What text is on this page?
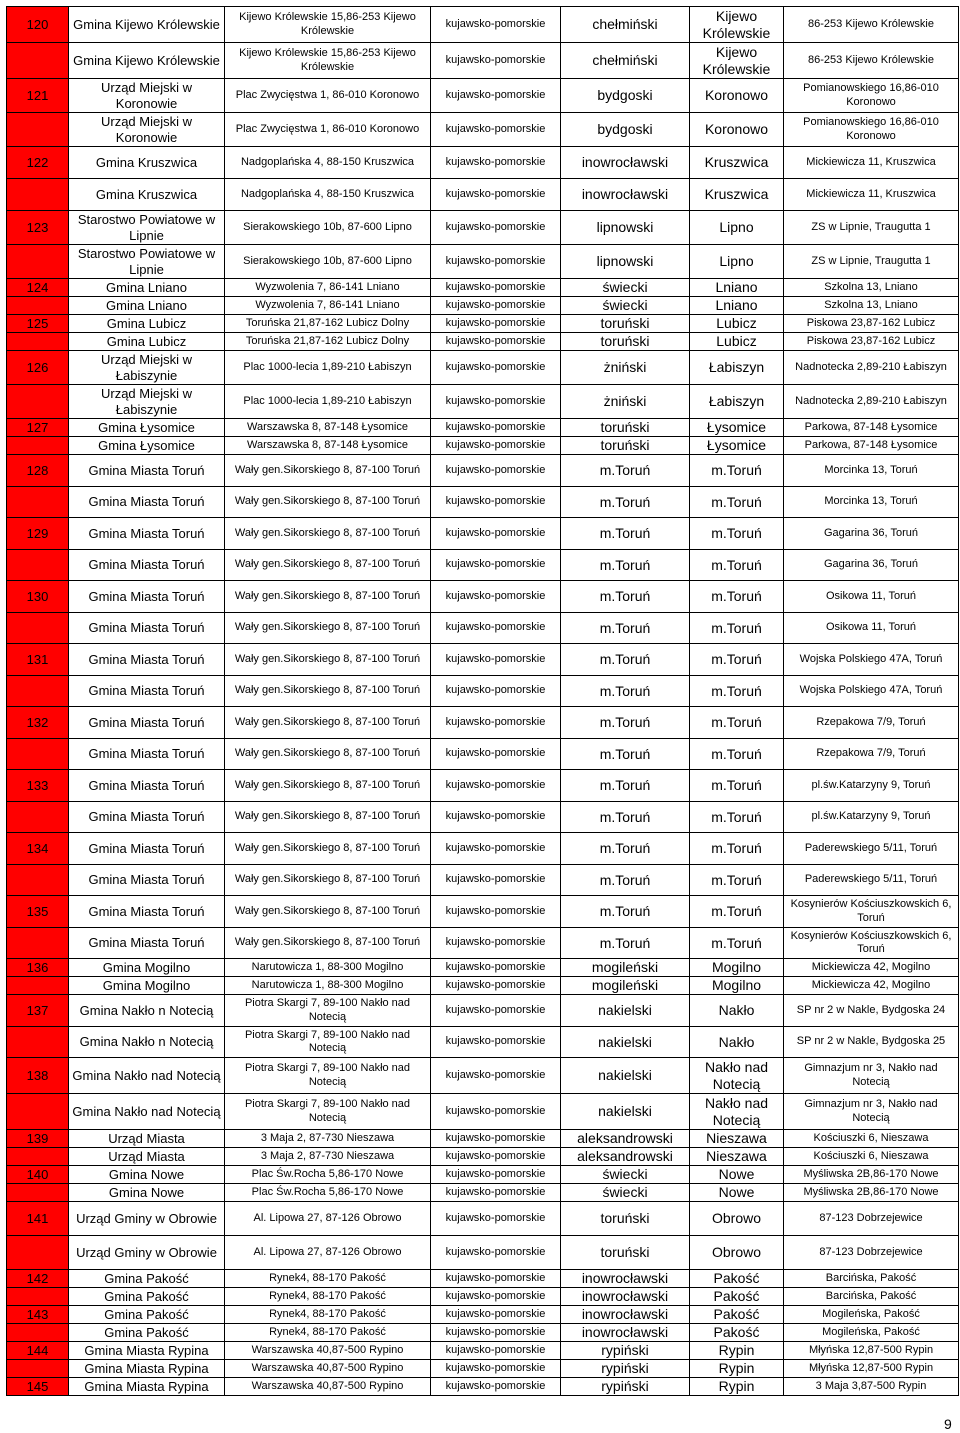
120	Gmina Kijewo Królewskie	Kijewo Królewskie 15,86-253 Kijewo Królewskie	kujawsko-pomorskie	chełmiński	Kijewo Królewskie	86-253 Kijewo Królewskie
	Gmina Kijewo Królewskie	Kijewo Królewskie 15,86-253 Kijewo Królewskie	kujawsko-pomorskie	chełmiński	Kijewo Królewskie	86-253 Kijewo Królewskie
121	Urząd Miejski w Koronowie	Plac Zwycięstwa 1, 86-010 Koronowo	kujawsko-pomorskie	bydgoski	Koronowo	Pomianowskiego 16,86-010 Koronowo
	Urząd Miejski w Koronowie	Plac Zwycięstwa 1, 86-010 Koronowo	kujawsko-pomorskie	bydgoski	Koronowo	Pomianowskiego 16,86-010 Koronowo
122	Gmina Kruszwica	Nadgoplańska 4, 88-150 Kruszwica	kujawsko-pomorskie	inowrocławski	Kruszwica	Mickiewicza 11, Kruszwica
	Gmina Kruszwica	Nadgoplańska 4, 88-150 Kruszwica	kujawsko-pomorskie	inowrocławski	Kruszwica	Mickiewicza 11, Kruszwica
123	Starostwo Powiatowe w Lipnie	Sierakowskiego 10b, 87-600 Lipno	kujawsko-pomorskie	lipnowski	Lipno	ZS w Lipnie, Traugutta 1
	Starostwo Powiatowe w Lipnie	Sierakowskiego 10b, 87-600 Lipno	kujawsko-pomorskie	lipnowski	Lipno	ZS w Lipnie, Traugutta 1
124	Gmina Lniano	Wyzwolenia 7, 86-141 Lniano	kujawsko-pomorskie	świecki	Lniano	Szkolna 13, Lniano
	Gmina Lniano	Wyzwolenia 7, 86-141 Lniano	kujawsko-pomorskie	świecki	Lniano	Szkolna 13, Lniano
125	Gmina Lubicz	Toruńska 21,87-162 Lubicz Dolny	kujawsko-pomorskie	toruński	Lubicz	Piskowa 23,87-162 Lubicz
	Gmina Lubicz	Toruńska 21,87-162 Lubicz Dolny	kujawsko-pomorskie	toruński	Lubicz	Piskowa 23,87-162 Lubicz
126	Urząd Miejski w Łabiszynie	Plac 1000-lecia 1,89-210 Łabiszyn	kujawsko-pomorskie	żniński	Łabiszyn	Nadnotecka 2,89-210 Łabiszyn
	Urząd Miejski w Łabiszynie	Plac 1000-lecia 1,89-210 Łabiszyn	kujawsko-pomorskie	żniński	Łabiszyn	Nadnotecka 2,89-210 Łabiszyn
127	Gmina Łysomice	Warszawska 8, 87-148 Łysomice	kujawsko-pomorskie	toruński	Łysomice	Parkowa, 87-148 Łysomice
	Gmina Łysomice	Warszawska 8, 87-148 Łysomice	kujawsko-pomorskie	toruński	Łysomice	Parkowa, 87-148 Łysomice
128	Gmina Miasta Toruń	Wały gen.Sikorskiego 8, 87-100 Toruń	kujawsko-pomorskie	m.Toruń	m.Toruń	Morcinka 13, Toruń
	Gmina Miasta Toruń	Wały gen.Sikorskiego 8, 87-100 Toruń	kujawsko-pomorskie	m.Toruń	m.Toruń	Morcinka 13, Toruń
129	Gmina Miasta Toruń	Wały gen.Sikorskiego 8, 87-100 Toruń	kujawsko-pomorskie	m.Toruń	m.Toruń	Gagarina 36, Toruń
	Gmina Miasta Toruń	Wały gen.Sikorskiego 8, 87-100 Toruń	kujawsko-pomorskie	m.Toruń	m.Toruń	Gagarina 36, Toruń
130	Gmina Miasta Toruń	Wały gen.Sikorskiego 8, 87-100 Toruń	kujawsko-pomorskie	m.Toruń	m.Toruń	Osikowa 11, Toruń
	Gmina Miasta Toruń	Wały gen.Sikorskiego 8, 87-100 Toruń	kujawsko-pomorskie	m.Toruń	m.Toruń	Osikowa 11, Toruń
131	Gmina Miasta Toruń	Wały gen.Sikorskiego 8, 87-100 Toruń	kujawsko-pomorskie	m.Toruń	m.Toruń	Wojska Polskiego 47A, Toruń
	Gmina Miasta Toruń	Wały gen.Sikorskiego 8, 87-100 Toruń	kujawsko-pomorskie	m.Toruń	m.Toruń	Wojska Polskiego 47A, Toruń
132	Gmina Miasta Toruń	Wały gen.Sikorskiego 8, 87-100 Toruń	kujawsko-pomorskie	m.Toruń	m.Toruń	Rzepakowa 7/9, Toruń
	Gmina Miasta Toruń	Wały gen.Sikorskiego 8, 87-100 Toruń	kujawsko-pomorskie	m.Toruń	m.Toruń	Rzepakowa 7/9, Toruń
133	Gmina Miasta Toruń	Wały gen.Sikorskiego 8, 87-100 Toruń	kujawsko-pomorskie	m.Toruń	m.Toruń	pl.św.Katarzyny 9, Toruń
	Gmina Miasta Toruń	Wały gen.Sikorskiego 8, 87-100 Toruń	kujawsko-pomorskie	m.Toruń	m.Toruń	pl.św.Katarzyny 9, Toruń
134	Gmina Miasta Toruń	Wały gen.Sikorskiego 8, 87-100 Toruń	kujawsko-pomorskie	m.Toruń	m.Toruń	Paderewskiego 5/11, Toruń
	Gmina Miasta Toruń	Wały gen.Sikorskiego 8, 87-100 Toruń	kujawsko-pomorskie	m.Toruń	m.Toruń	Paderewskiego 5/11, Toruń
135	Gmina Miasta Toruń	Wały gen.Sikorskiego 8, 87-100 Toruń	kujawsko-pomorskie	m.Toruń	m.Toruń	Kosynierów Kościuszkowskich 6, Toruń
	Gmina Miasta Toruń	Wały gen.Sikorskiego 8, 87-100 Toruń	kujawsko-pomorskie	m.Toruń	m.Toruń	Kosynierów Kościuszkowskich 6, Toruń
136	Gmina Mogilno	Narutowicza 1, 88-300 Mogilno	kujawsko-pomorskie	mogileński	Mogilno	Mickiewicza 42, Mogilno
	Gmina Mogilno	Narutowicza 1, 88-300 Mogilno	kujawsko-pomorskie	mogileński	Mogilno	Mickiewicza 42, Mogilno
137	Gmina Nakło n Notecią	Piotra Skargi 7, 89-100 Nakło nad Notecią	kujawsko-pomorskie	nakielski	Nakło	SP nr 2 w Nakle, Bydgoska 24
	Gmina Nakło n Notecią	Piotra Skargi 7, 89-100 Nakło nad Notecią	kujawsko-pomorskie	nakielski	Nakło	SP nr 2 w Nakle, Bydgoska 25
138	Gmina Nakło nad Notecią	Piotra Skargi 7, 89-100 Nakło nad Notecią	kujawsko-pomorskie	nakielski	Nakło nad Notecią	Gimnazjum nr 3, Nakło nad Notecią
	Gmina Nakło nad Notecią	Piotra Skargi 7, 89-100 Nakło nad Notecią	kujawsko-pomorskie	nakielski	Nakło nad Notecią	Gimnazjum nr 3, Nakło nad Notecią
139	Urząd Miasta	3 Maja 2, 87-730 Nieszawa	kujawsko-pomorskie	aleksandrowski	Nieszawa	Kościuszki 6, Nieszawa
	Urząd Miasta	3 Maja 2, 87-730 Nieszawa	kujawsko-pomorskie	aleksandrowski	Nieszawa	Kościuszki 6, Nieszawa
140	Gmina Nowe	Plac Św.Rocha 5,86-170 Nowe	kujawsko-pomorskie	świecki	Nowe	Myśliwska 2B,86-170 Nowe
	Gmina Nowe	Plac Św.Rocha 5,86-170 Nowe	kujawsko-pomorskie	świecki	Nowe	Myśliwska 2B,86-170 Nowe
141	Urząd Gminy w Obrowie	Al. Lipowa 27, 87-126 Obrowo	kujawsko-pomorskie	toruński	Obrowo	87-123 Dobrzejewice
	Urząd Gminy w Obrowie	Al. Lipowa 27, 87-126 Obrowo	kujawsko-pomorskie	toruński	Obrowo	87-123 Dobrzejewice
142	Gmina Pakość	Rynek4, 88-170 Pakość	kujawsko-pomorskie	inowrocławski	Pakość	Barcińska, Pakość
	Gmina Pakość	Rynek4, 88-170 Pakość	kujawsko-pomorskie	inowrocławski	Pakość	Barcińska, Pakość
143	Gmina Pakość	Rynek4, 88-170 Pakość	kujawsko-pomorskie	inowrocławski	Pakość	Mogileńska, Pakość
	Gmina Pakość	Rynek4, 88-170 Pakość	kujawsko-pomorskie	inowrocławski	Pakość	Mogileńska, Pakość
144	Gmina Miasta Rypina	Warszawska 40,87-500 Rypino	kujawsko-pomorskie	rypiński	Rypin	Młyńska 12,87-500 Rypin
	Gmina Miasta Rypina	Warszawska 40,87-500 Rypino	kujawsko-pomorskie	rypiński	Rypin	Młyńska 12,87-500 Rypin
145	Gmina Miasta Rypina	Warszawska 40,87-500 Rypino	kujawsko-pomorskie	rypiński	Rypin	3 Maja 3,87-500 Rypin
9
